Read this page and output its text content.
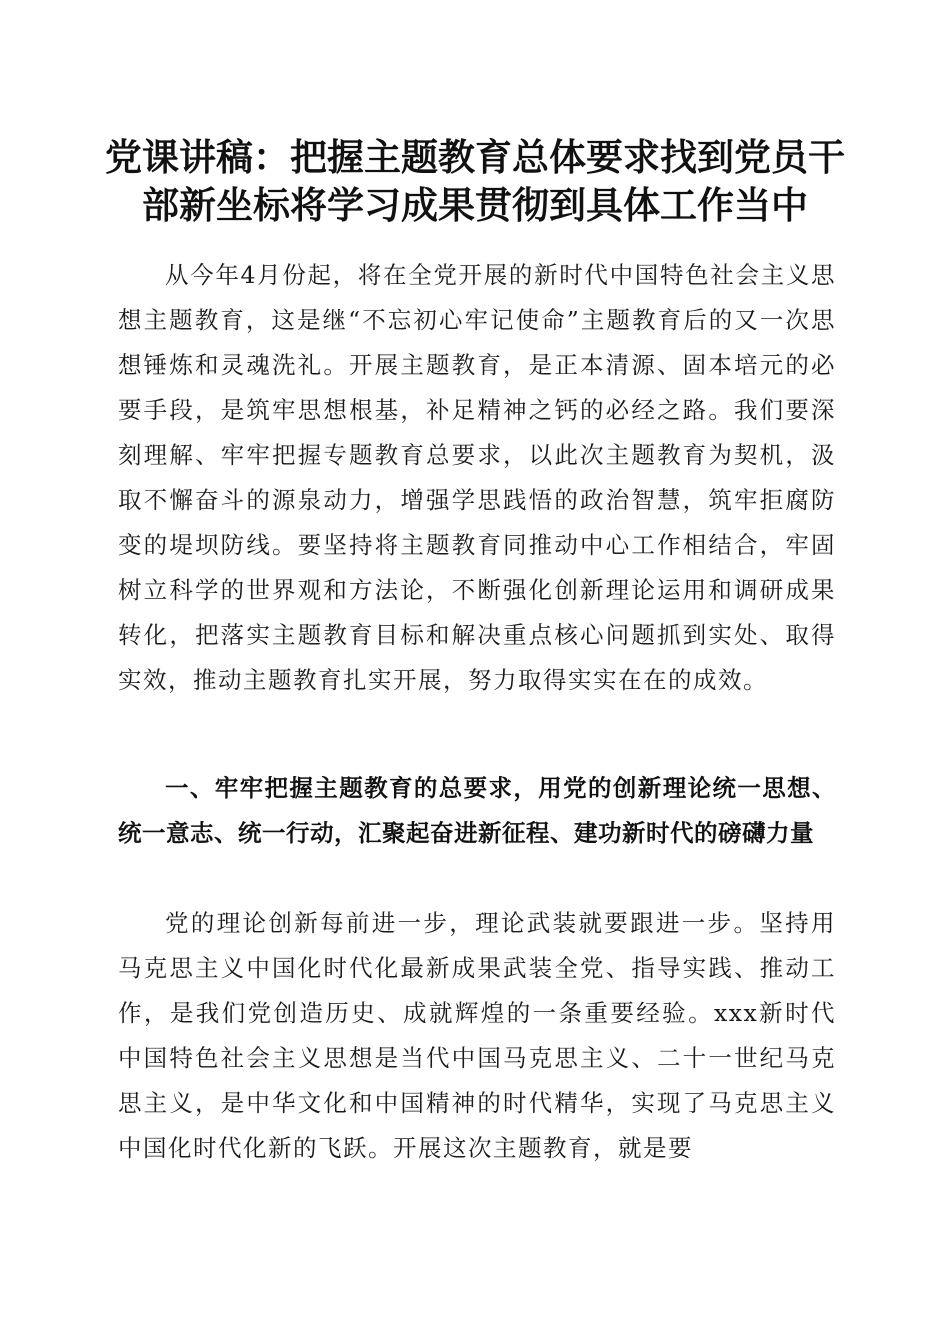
党课讲稿：把握主题教育总体要求找到党员干部新坐标将学习成果贯彻到具体工作当中

从今年4月份起，将在全党开展的新时代中国特色社会主义思想主题教育，这是继“不忘初心牢记使命”主题教育后的又一次思想锤炼和灵魂洗礼。开展主题教育，是正本清源、固本培元的必要手段，是筑牢思想根基，补足精神之钙的必经之路。我们要深刻理解、牢牢把握专题教育总要求，以此次主题教育为契机，汲取不懈奋斗的源泉动力，增强学思践悟的政治智慧，筑牢拒腐防变的堤坝防线。要坚持将主题教育同推动中心工作相结合，牢固树立科学的世界观和方法论，不断强化创新理论运用和调研成果转化，把落实主题教育目标和解决重点核心问题抓到实处、取得实效，推动主题教育扎实开展，努力取得实实在在的成效。

一、牢牢把握主题教育的总要求，用党的创新理论统一思想、统一意志、统一行动，汇聚起奋进新征程、建功新时代的磅礴力量

党的理论创新每前进一步，理论武装就要跟进一步。坚持用马克思主义中国化时代化最新成果武装全党、指导实践、推动工作，是我们党创造历史、成就辉煌的一条重要经验。xxx新时代中国特色社会主义思想是当代中国马克思主义、二十一世纪马克思主义，是中华文化和中国精神的时代精华，实现了马克思主义中国化时代化新的飞跃。开展这次主题教育，就是要
